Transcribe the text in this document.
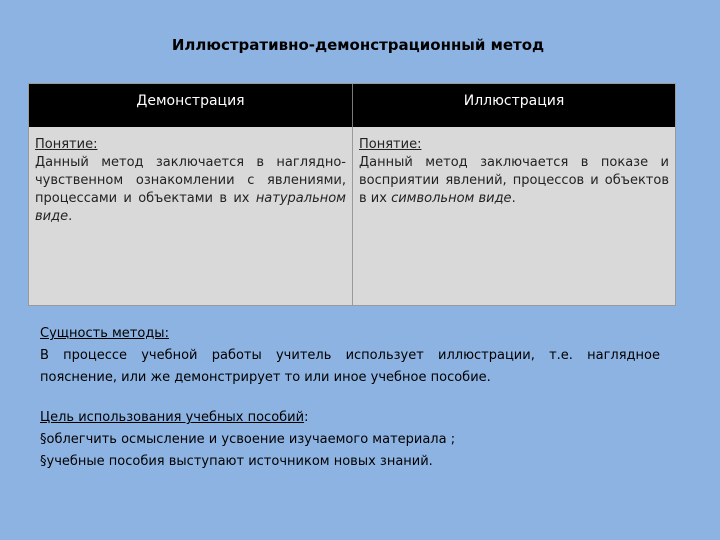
Иллюстративно-демонстрационный метод
Демонстрация	Иллюстрация
Понятие:
Данный метод заключается в наглядно-чувственном ознакомлении с явлениями, процессами и объектами в их натуральном виде.
Понятие:
Данный метод заключается в показе и восприятии явлений, процессов и объектов в их символьном виде.
Сущность методы:
В процессе учебной работы учитель использует иллюстрации, т.е. наглядное пояснение, или же демонстрирует то или иное учебное пособие.
Цель использования учебных пособий:
§облегчить осмысление и усвоение изучаемого материала ;
§учебные пособия выступают источником новых знаний.
